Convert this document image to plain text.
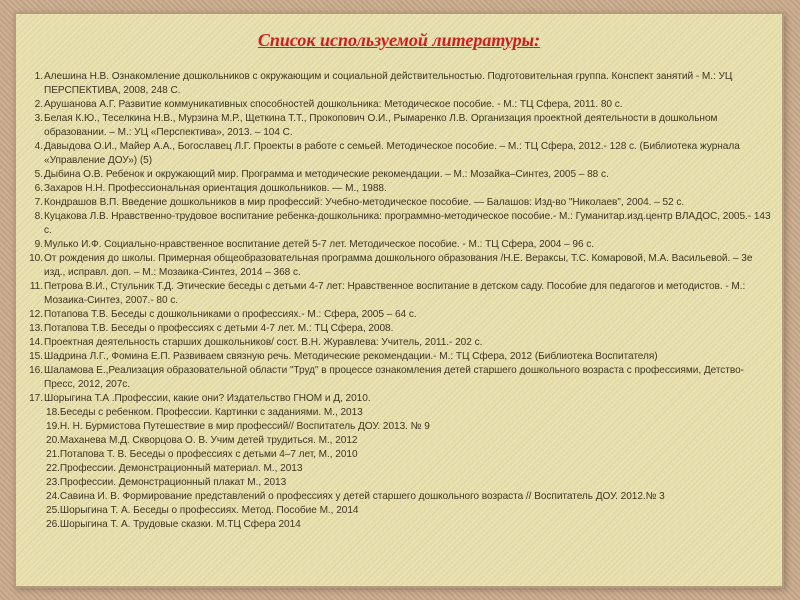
Список используемой литературы:
1. Алешина Н.В. Ознакомление дошкольников с окружающим и социальной действительностью. Подготовительная группа. Конспект занятий - М.: УЦ ПЕРСПЕКТИВА, 2008, 248 С.
2. Арушанова А.Г. Развитие коммуникативных способностей дошкольника: Методическое пособие. - М.: ТЦ Сфера, 2011. 80 с.
3. Белая К.Ю., Теселкина Н.В., Мурзина М.Р., Щеткина Т.Т., Прокопович О.И., Рымаренко Л.В. Организация проектной деятельности в дошкольном образовании. – М.: УЦ «Перспектива», 2013. – 104 С.
4. Давыдова О.И., Майер А.А., Богославец Л.Г. Проекты в работе с семьей. Методическое пособие. – М.: ТЦ Сфера, 2012.- 128 с. (Библиотека журнала «Управление ДОУ») (5)
5. Дыбина О.В. Ребенок и окружающий мир. Программа и методические рекомендации. – М.: Мозайка–Синтез, 2005 – 88 с.
6. Захаров Н.Н. Профессиональная ориентация дошкольников. — М., 1988.
7. Кондрашов В.П. Введение дошкольников в мир профессий: Учебно-методическое пособие. — Балашов: Изд-во "Николаев", 2004. – 52 с.
8. Куцакова Л.В. Нравственно-трудовое воспитание ребенка-дошкольника: программно-методическое пособие.- М.: Гуманитар.изд.центр ВЛАДОС, 2005.- 143 с.
9. Мулько И.Ф. Социально-нравственное воспитание детей 5-7 лет. Методическое пособие. - М.: ТЦ Сфера, 2004 – 96 с.
10. От рождения до школы. Примерная общеобразовательная программа дошкольного образования /Н.Е. Вераксы, Т.С. Комаровой, М.А. Васильевой. – 3е изд., исправл. доп. – М.: Мозаика-Синтез, 2014 – 368 с.
11. Петрова В.И., Стульник Т.Д. Этические беседы с детьми 4-7 лет: Нравственное воспитание в детском саду. Пособие для педагогов и методистов. - М.: Мозаика-Синтез, 2007.- 80 с.
12. Потапова Т.В. Беседы с дошкольниками о профессиях.- М.: Сфера, 2005 – 64 с.
13. Потапова Т.В. Беседы о профессиях с детьми 4-7 лет. М.: ТЦ Сфера, 2008.
14. Проектная деятельность старших дошкольников/ сост. В.Н. Журавлева: Учитель, 2011.- 202 с.
15. Шадрина Л.Г., Фомина Е.П. Развиваем связную речь. Методические рекомендации.- М.: ТЦ Сфера, 2012 (Библиотека Воспитателя)
16. Шаламова Е.,Реализация образовательной области "Труд" в процессе ознакомления детей старшего дошкольного возраста с профессиями, Детство- Пресс, 2012, 207с.
17. Шорыгина Т.А .Профессии, какие они? Издательство ГНОМ и Д, 2010.
18.Беседы с ребенком. Профессии. Картинки с заданиями. М., 2013
19.Н. Н. Бурмистова Путешествие в мир профессий// Воспитатель ДОУ. 2013. № 9
20.Маханева М.Д. Скворцова О. В. Учим детей трудиться. М., 2012
21.Потапова Т. В. Беседы о профессиях с детьми 4–7 лет, М., 2010
22.Профессии. Демонстрационный материал. М., 2013
23.Профессии. Демонстрационный плакат М., 2013
24.Савина И. В. Формирование представлений о профессиях у детей старшего дошкольного возраста // Воспитатель ДОУ. 2012.№ 3
25.Шорыгина Т. А. Беседы о профессиях. Метод. Пособие М., 2014
26.Шорыгина Т. А. Трудовые сказки. М.ТЦ Сфера 2014
